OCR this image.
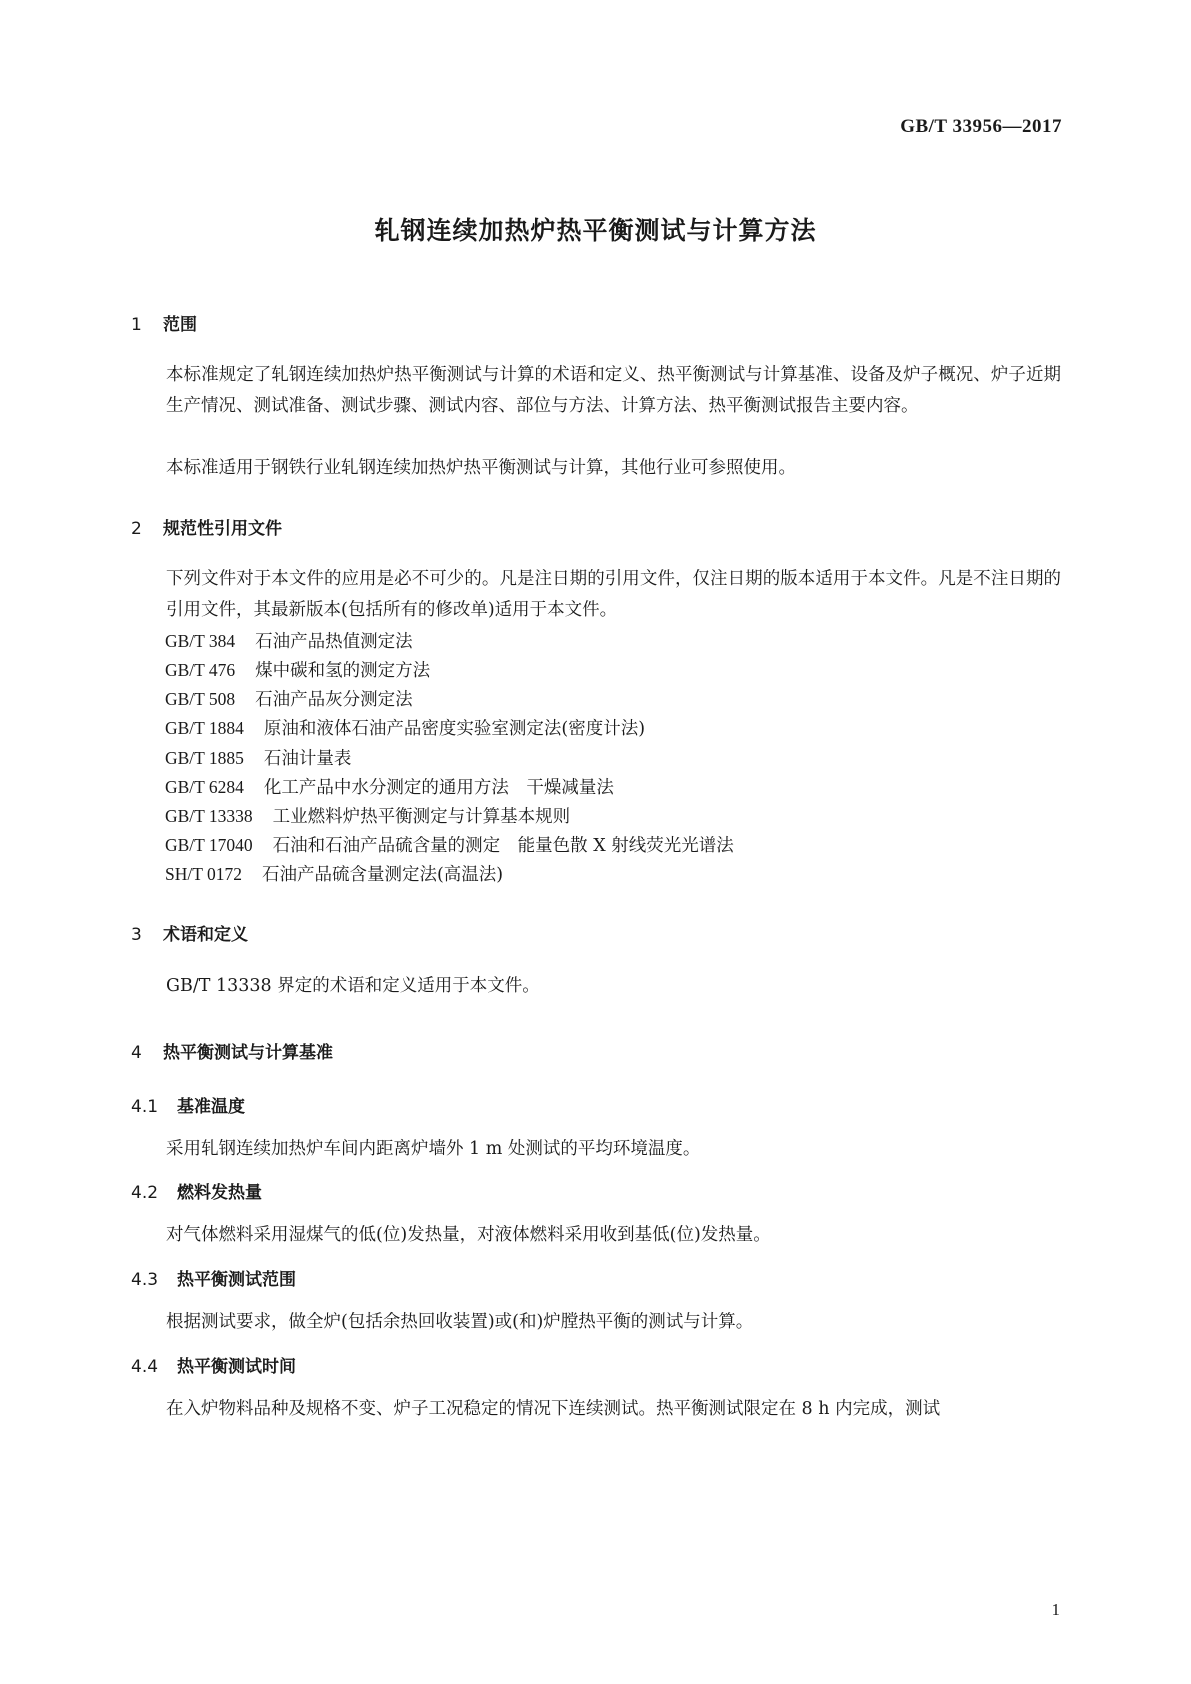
GB/T 33956—2017
轧钢连续加热炉热平衡测试与计算方法
1 范围
本标准规定了轧钢连续加热炉热平衡测试与计算的术语和定义、热平衡测试与计算基准、设备及炉子概况、炉子近期生产情况、测试准备、测试步骤、测试内容、部位与方法、计算方法、热平衡测试报告主要内容。
本标准适用于钢铁行业轧钢连续加热炉热平衡测试与计算，其他行业可参照使用。
2 规范性引用文件
下列文件对于本文件的应用是必不可少的。凡是注日期的引用文件，仅注日期的版本适用于本文件。凡是不注日期的引用文件，其最新版本(包括所有的修改单)适用于本文件。
GB/T 384 石油产品热值测定法
GB/T 476 煤中碳和氢的测定方法
GB/T 508 石油产品灰分测定法
GB/T 1884 原油和液体石油产品密度实验室测定法(密度计法)
GB/T 1885 石油计量表
GB/T 6284 化工产品中水分测定的通用方法　干燥减量法
GB/T 13338 工业燃料炉热平衡测定与计算基本规则
GB/T 17040 石油和石油产品硫含量的测定　能量色散 X 射线荧光光谱法
SH/T 0172 石油产品硫含量测定法(高温法)
3 术语和定义
GB/T 13338 界定的术语和定义适用于本文件。
4 热平衡测试与计算基准
4.1 基准温度
采用轧钢连续加热炉车间内距离炉墙外 1 m 处测试的平均环境温度。
4.2 燃料发热量
对气体燃料采用湿煤气的低(位)发热量，对液体燃料采用收到基低(位)发热量。
4.3 热平衡测试范围
根据测试要求，做全炉(包括余热回收装置)或(和)炉膛热平衡的测试与计算。
4.4 热平衡测试时间
在入炉物料品种及规格不变、炉子工况稳定的情况下连续测试。热平衡测试限定在 8 h 内完成，测试
1
